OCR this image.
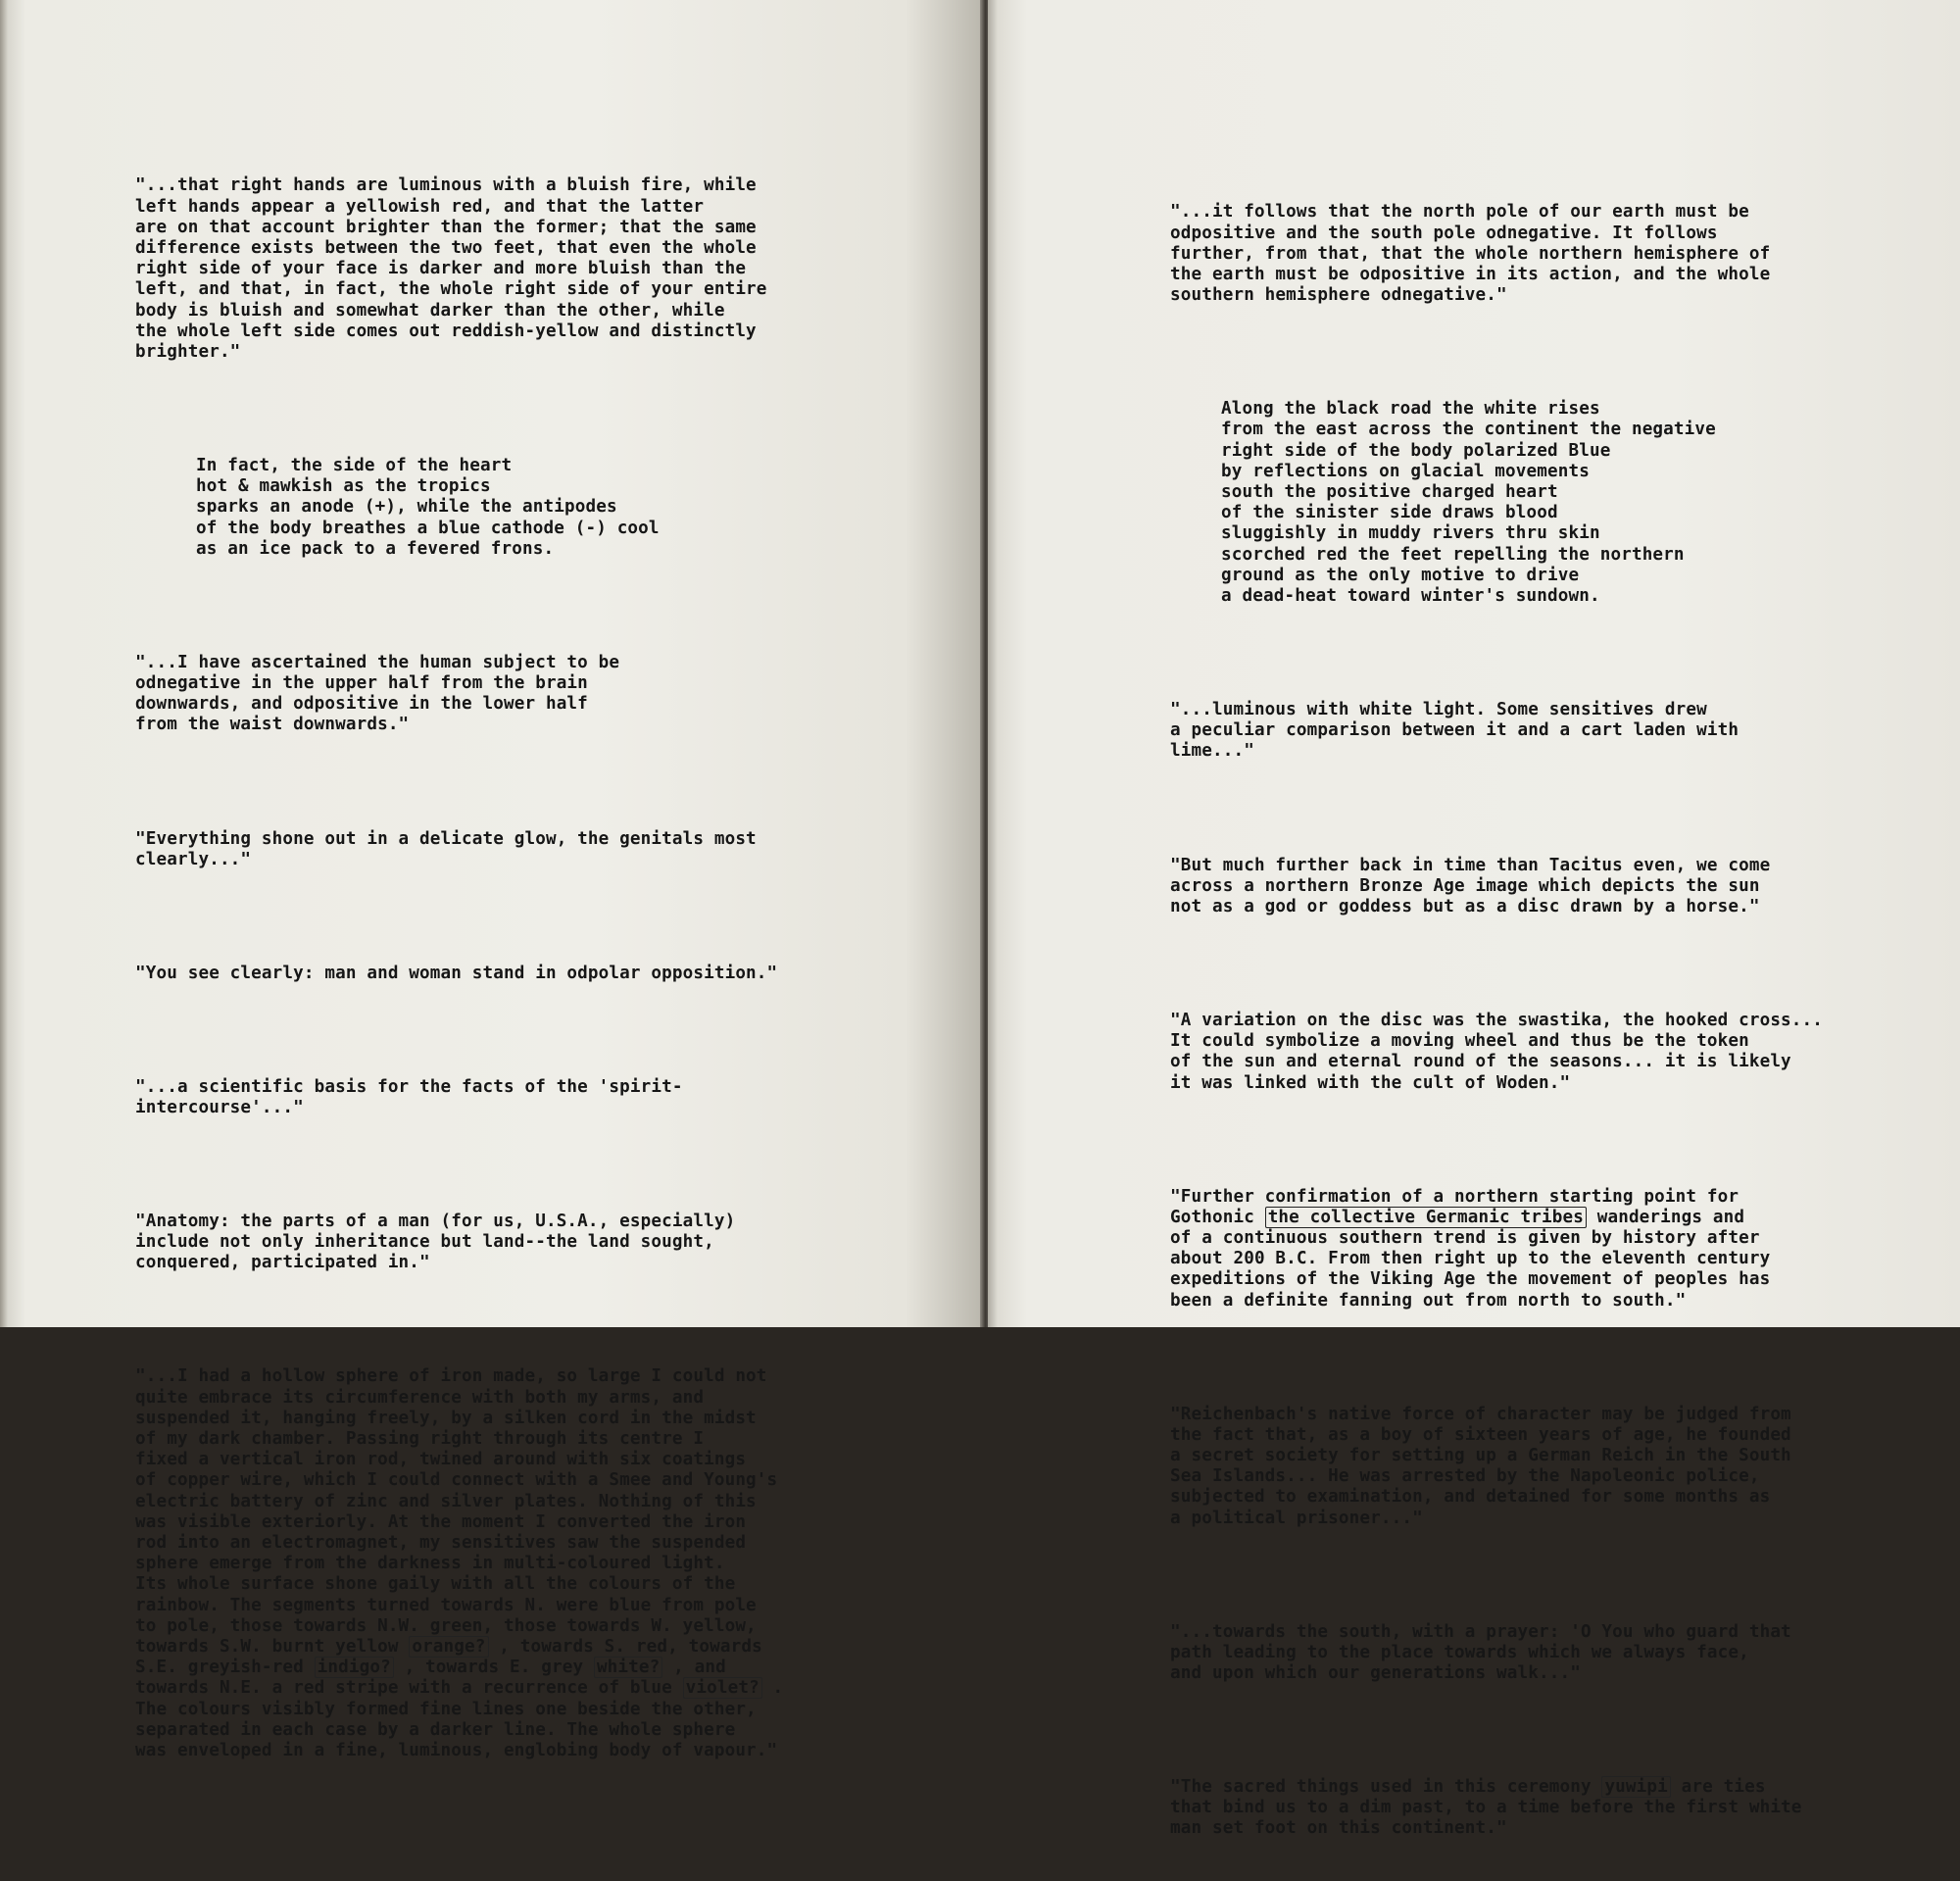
"...that right hands are luminous with a bluish fire, while
left hands appear a yellowish red, and that the latter
are on that account brighter than the former; that the same
difference exists between the two feet, that even the whole
right side of your face is darker and more bluish than the
left, and that, in fact, the whole right side of your entire
body is bluish and somewhat darker than the other, while
the whole left side comes out reddish-yellow and distinctly
brighter."

In fact, the side of the heart
hot & mawkish as the tropics
sparks an anode (+), while the antipodes
of the body breathes a blue cathode (-) cool
as an ice pack to a fevered frons.

"...I have ascertained the human subject to be
odnegative in the upper half from the brain
downwards, and odpositive in the lower half
from the waist downwards."

"Everything shone out in a delicate glow, the genitals most
clearly..."

"You see clearly: man and woman stand in odpolar opposition."

"...a scientific basis for the facts of the 'spirit-
intercourse'..."

"Anatomy: the parts of a man (for us, U.S.A., especially)
include not only inheritance but land--the land sought,
conquered, participated in."

"...I had a hollow sphere of iron made, so large I could not
quite embrace its circumference with both my arms, and
suspended it, hanging freely, by a silken cord in the midst
of my dark chamber. Passing right through its centre I
fixed a vertical iron rod, twined around with six coatings
of copper wire, which I could connect with a Smee and Young's
electric battery of zinc and silver plates. Nothing of this
was visible exteriorly. At the moment I converted the iron
rod into an electromagnet, my sensitives saw the suspended
sphere emerge from the darkness in multi-coloured light.
Its whole surface shone gaily with all the colours of the
rainbow. The segments turned towards N. were blue from pole
to pole, those towards N.W. green, those towards W. yellow,
towards S.W. burnt yellow orange? , towards S. red, towards
S.E. greyish-red indigo? , towards E. grey white? , and
towards N.E. a red stripe with a recurrence of blue violet? .
The colours visibly formed fine lines one beside the other,
separated in each case by a darker line. The whole sphere
was enveloped in a fine, luminous, englobing body of vapour."

"...it follows that the north pole of our earth must be
odpositive and the south pole odnegative. It follows
further, from that, that the whole northern hemisphere of
the earth must be odpositive in its action, and the whole
southern hemisphere odnegative."

Along the black road the white rises
from the east across the continent the negative
right side of the body polarized Blue
by reflections on glacial movements
south the positive charged heart
of the sinister side draws blood
sluggishly in muddy rivers thru skin
scorched red the feet repelling the northern
ground as the only motive to drive
a dead-heat toward winter's sundown.

"...luminous with white light. Some sensitives drew
a peculiar comparison between it and a cart laden with
lime..."

"But much further back in time than Tacitus even, we come
across a northern Bronze Age image which depicts the sun
not as a god or goddess but as a disc drawn by a horse."

"A variation on the disc was the swastika, the hooked cross...
It could symbolize a moving wheel and thus be the token
of the sun and eternal round of the seasons... it is likely
it was linked with the cult of Woden."

"Further confirmation of a northern starting point for
Gothonic the collective Germanic tribes wanderings and
of a continuous southern trend is given by history after
about 200 B.C. From then right up to the eleventh century
expeditions of the Viking Age the movement of peoples has
been a definite fanning out from north to south."

"Reichenbach's native force of character may be judged from
the fact that, as a boy of sixteen years of age, he founded
a secret society for setting up a German Reich in the South
Sea Islands... He was arrested by the Napoleonic police,
subjected to examination, and detained for some months as
a political prisoner..."

"...towards the south, with a prayer: 'O You who guard that
path leading to the place towards which we always face,
and upon which our generations walk..."

"The sacred things used in this ceremony yuwipi are ties
that bind us to a dim past, to a time before the first white
man set foot on this continent."
